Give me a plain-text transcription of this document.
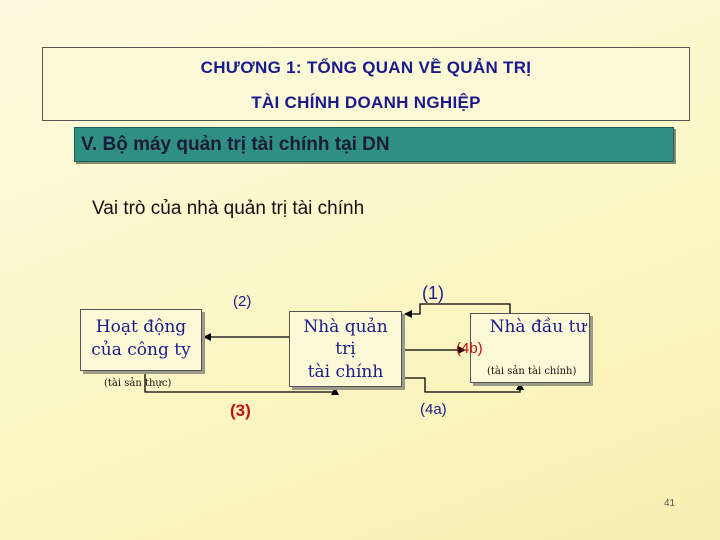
CHƯƠNG 1: TỔNG QUAN VỀ QUẢN TRỊ
TÀI CHÍNH DOANH NGHIỆP
V. Bộ máy quản trị tài chính tại DN
Vai trò của nhà quản trị tài chính
Hoạt động
của công ty
(tài sản thực)
Nhà quản
trị
tài chính
Nhà đầu tư
(tài sản tài chính)
(1)
(2)
(3)	(4a)
(4b)
41
